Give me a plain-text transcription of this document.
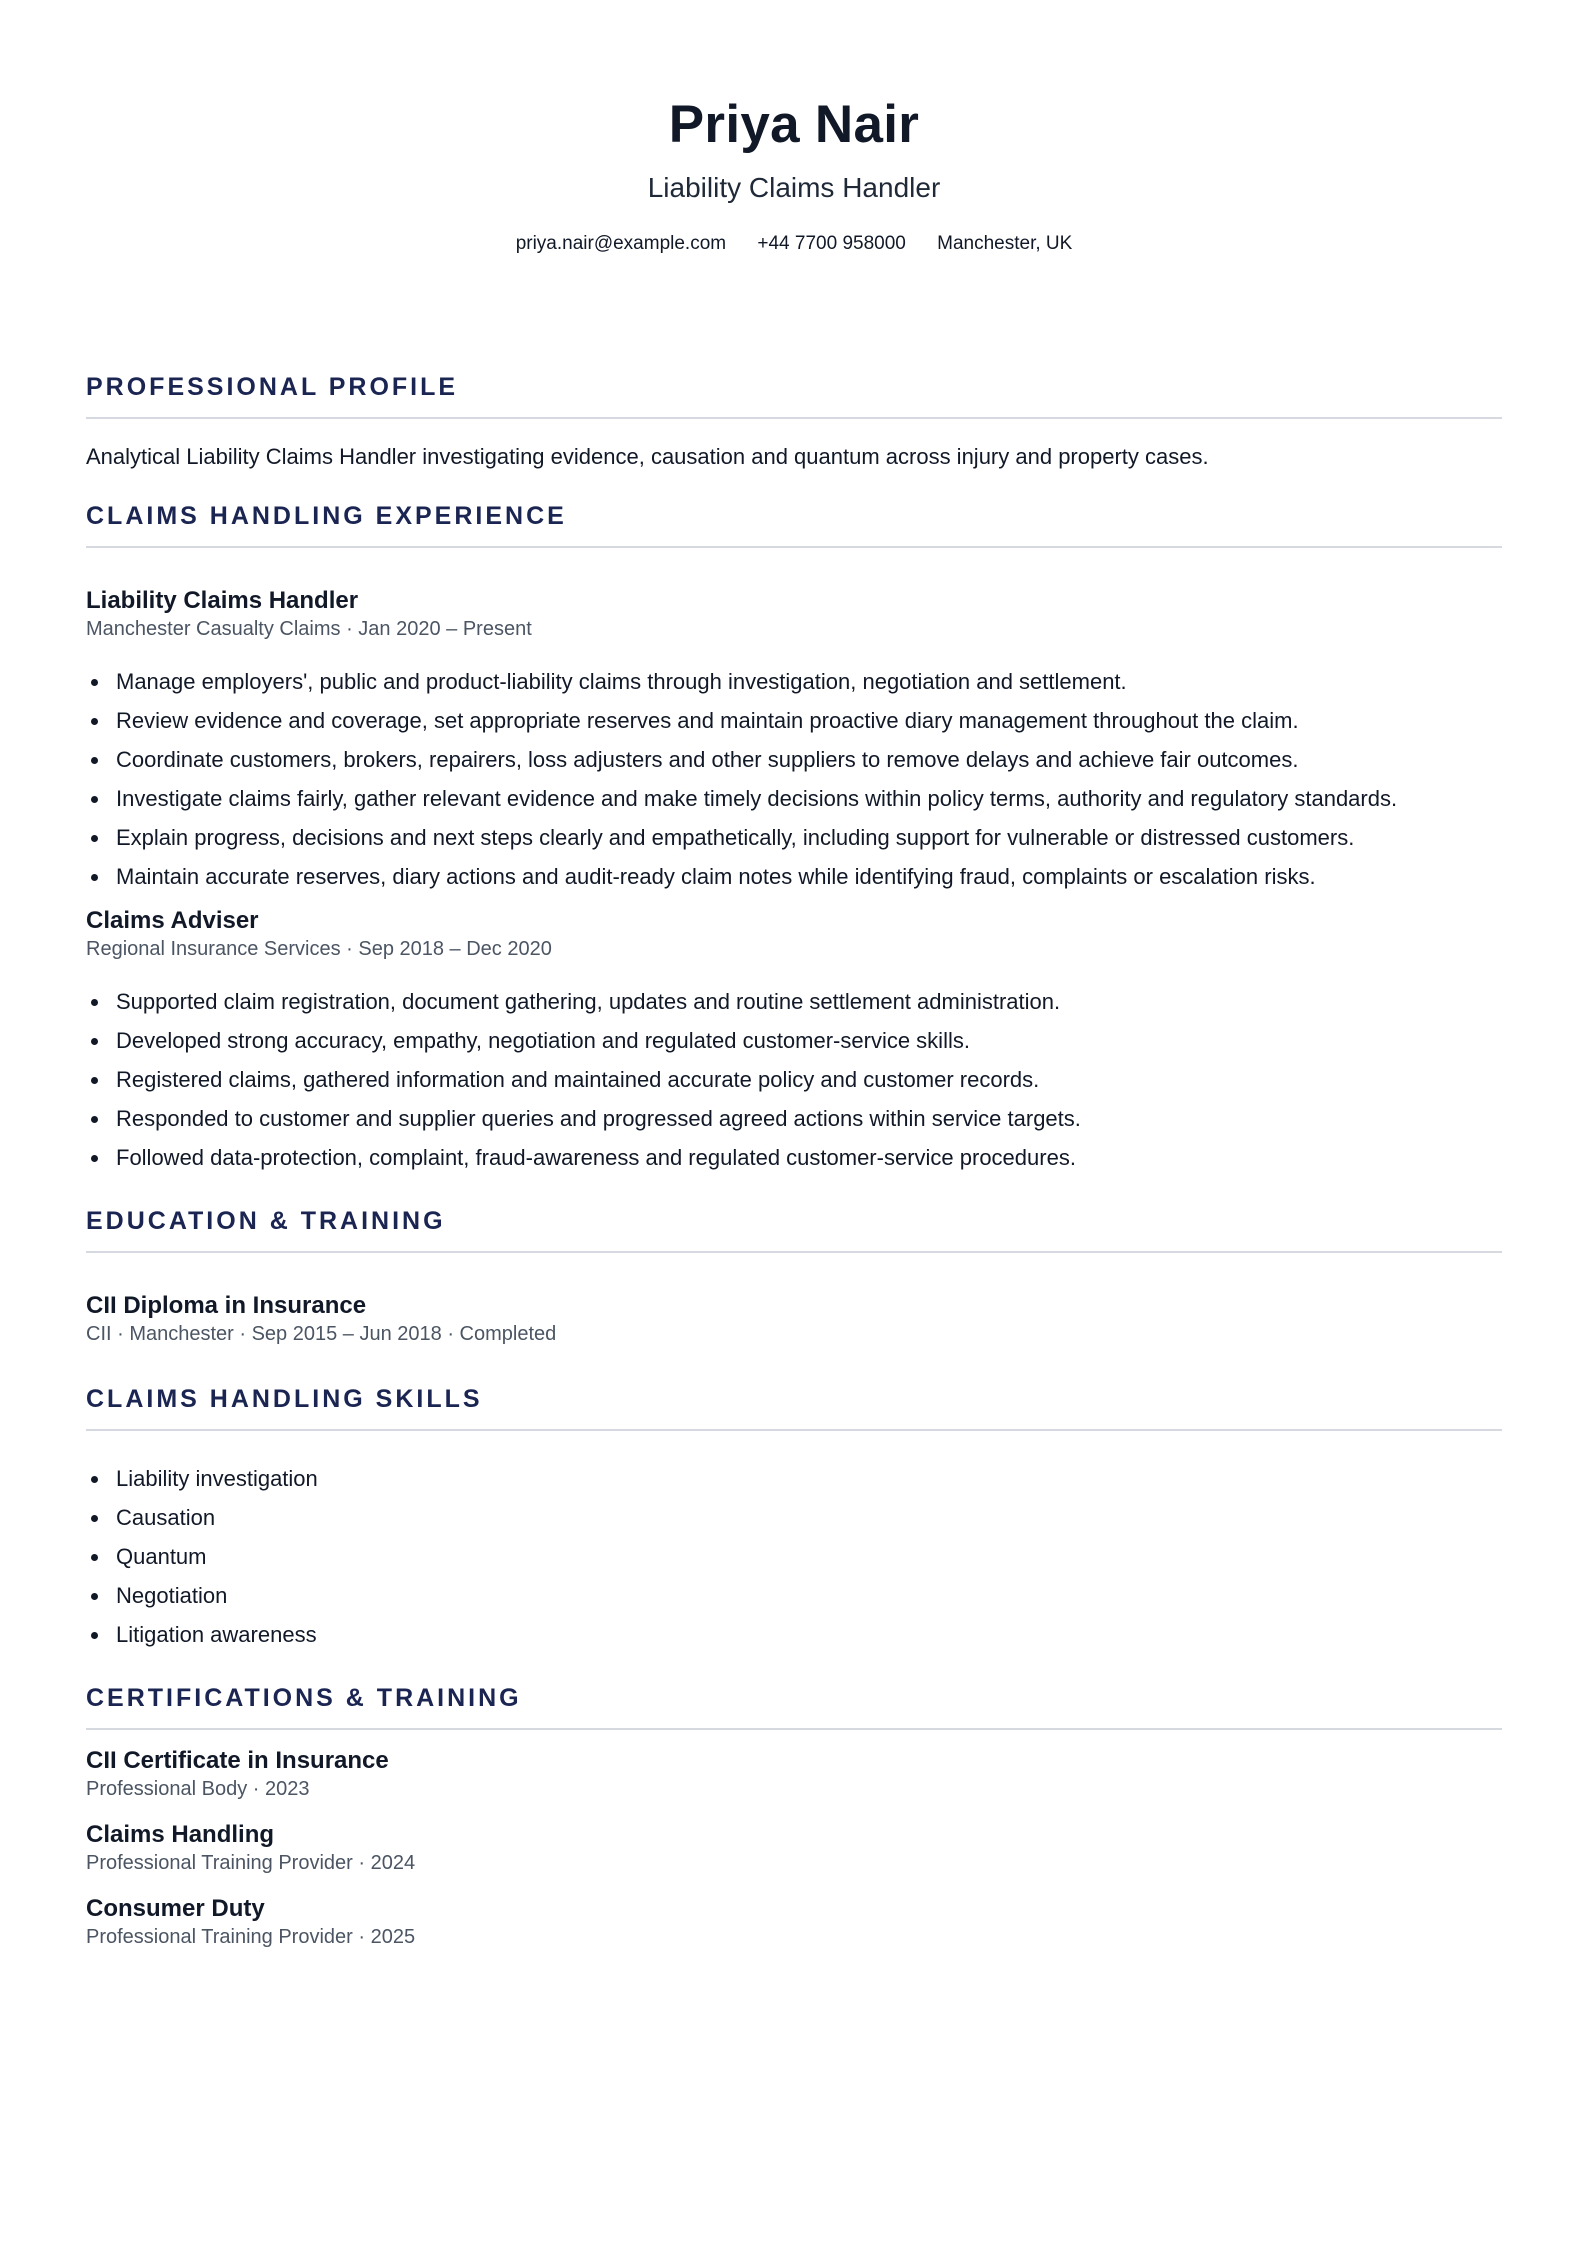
Priya Nair
Liability Claims Handler
priya.nair@example.com +44 7700 958000 Manchester, UK
PROFESSIONAL PROFILE
Analytical Liability Claims Handler investigating evidence, causation and quantum across injury and property cases.
CLAIMS HANDLING EXPERIENCE
Liability Claims Handler
Manchester Casualty Claims · Jan 2020 – Present
Manage employers', public and product-liability claims through investigation, negotiation and settlement.
Review evidence and coverage, set appropriate reserves and maintain proactive diary management throughout the claim.
Coordinate customers, brokers, repairers, loss adjusters and other suppliers to remove delays and achieve fair outcomes.
Investigate claims fairly, gather relevant evidence and make timely decisions within policy terms, authority and regulatory standards.
Explain progress, decisions and next steps clearly and empathetically, including support for vulnerable or distressed customers.
Maintain accurate reserves, diary actions and audit-ready claim notes while identifying fraud, complaints or escalation risks.
Claims Adviser
Regional Insurance Services · Sep 2018 – Dec 2020
Supported claim registration, document gathering, updates and routine settlement administration.
Developed strong accuracy, empathy, negotiation and regulated customer-service skills.
Registered claims, gathered information and maintained accurate policy and customer records.
Responded to customer and supplier queries and progressed agreed actions within service targets.
Followed data-protection, complaint, fraud-awareness and regulated customer-service procedures.
EDUCATION & TRAINING
CII Diploma in Insurance
CII · Manchester · Sep 2015 – Jun 2018 · Completed
CLAIMS HANDLING SKILLS
Liability investigation
Causation
Quantum
Negotiation
Litigation awareness
CERTIFICATIONS & TRAINING
CII Certificate in Insurance
Professional Body · 2023
Claims Handling
Professional Training Provider · 2024
Consumer Duty
Professional Training Provider · 2025
